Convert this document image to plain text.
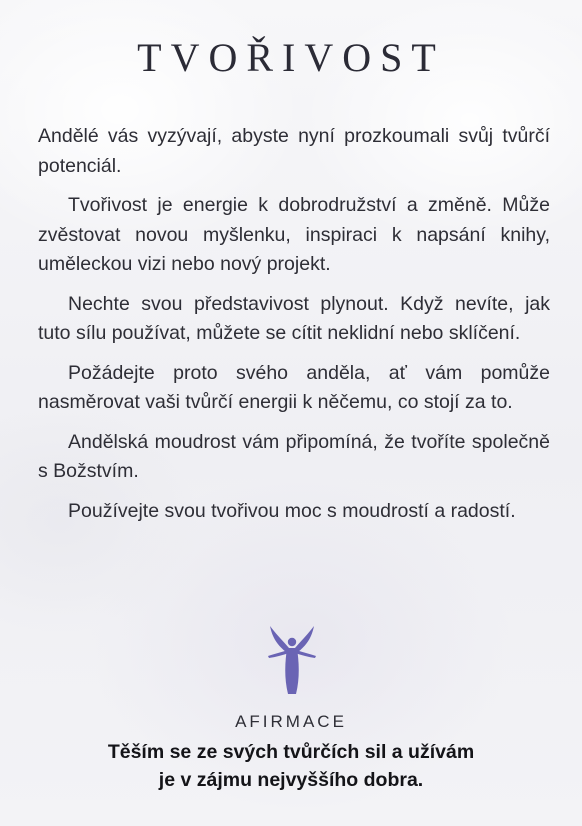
TVOŘIVOST

Andělé vás vyzývají, abyste nyní prozkoumali svůj tvůrčí potenciál.

Tvořivost je energie k dobrodružství a změně. Může zvěstovat novou myšlenku, inspiraci k napsání knihy, uměleckou vizi nebo nový projekt.

Nechte svou představivost plynout. Když nevíte, jak tuto sílu používat, můžete se cítit neklidní nebo sklíčení.

Požádejte proto svého anděla, ať vám pomůže nasměrovat vaši tvůrčí energii k něčemu, co stojí za to.

Andělská moudrost vám připomíná, že tvoříte společně s Božstvím.

Používejte svou tvořivou moc s moudrostí a radostí.

AFIRMACE
Těším se ze svých tvůrčích sil a užívám
je v zájmu nejvyššího dobra.
